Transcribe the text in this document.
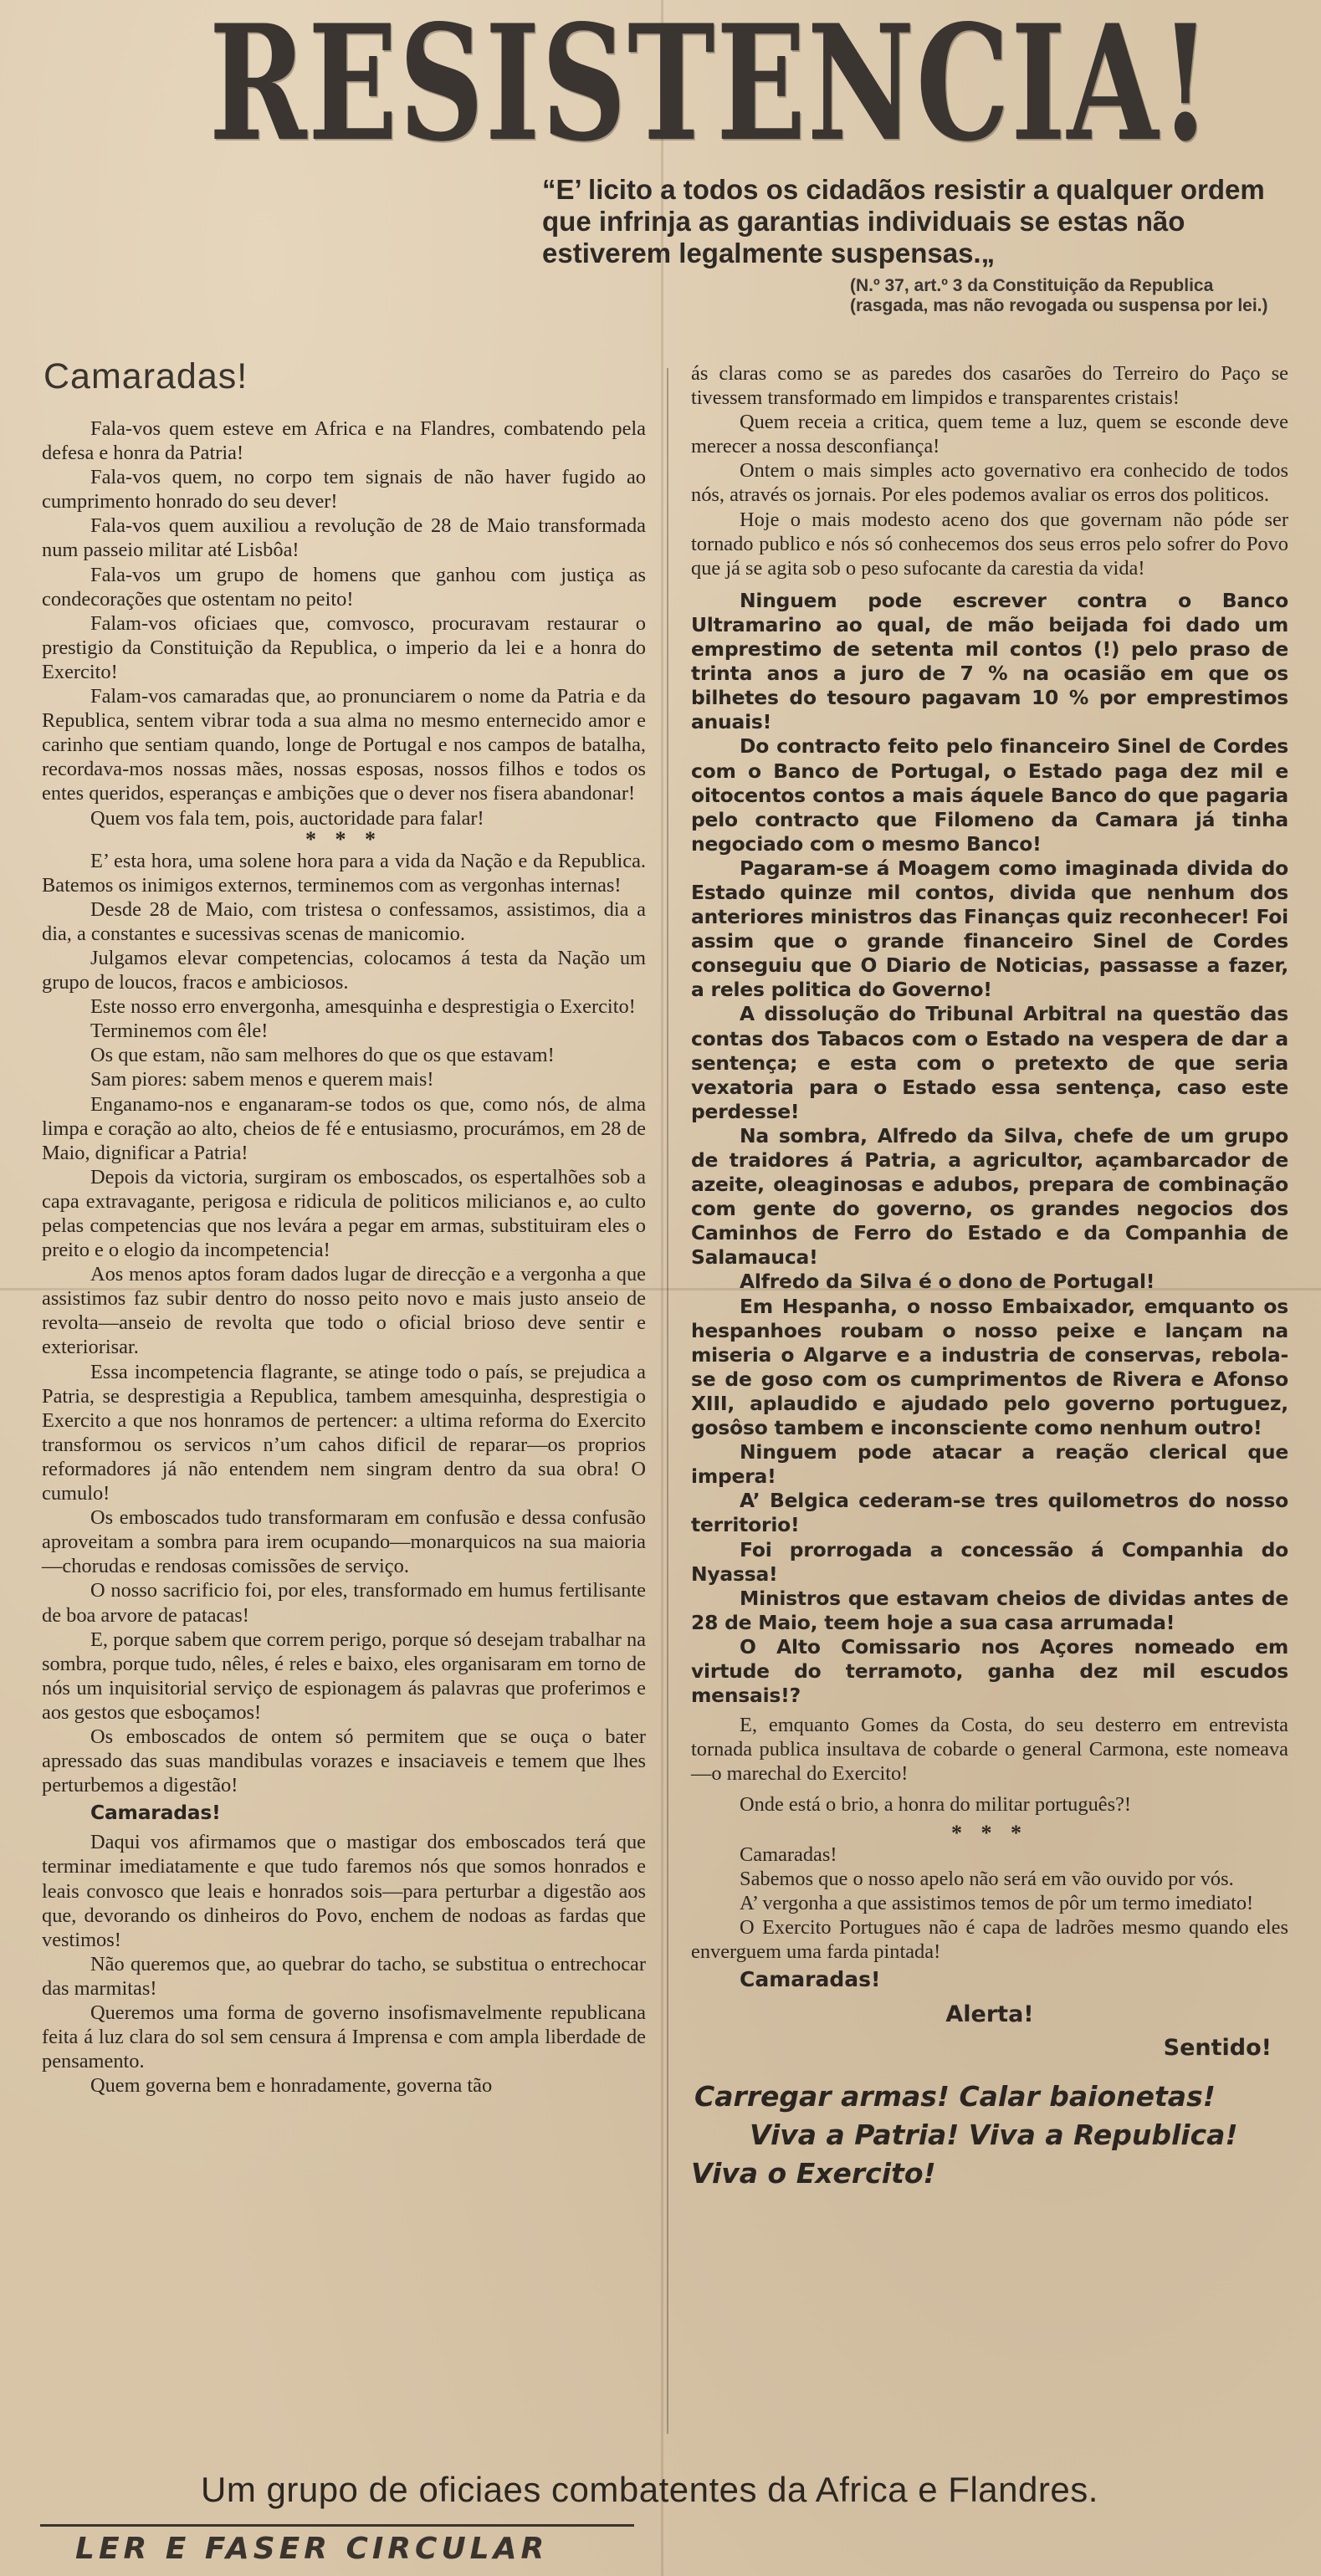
RESISTENCIA!
“E’ licito a todos os cidadãos resistir a qualquer ordem que infrinja as garantias individuais se estas não estiverem legalmente suspensas.„
(N.º 37, art.º 3 da Constituição da Republica (rasgada, mas não revogada ou suspensa por lei.)
Camaradas!

Fala-vos quem esteve em Africa e na Flandres, combatendo pela defesa e honra da Patria!

Fala-vos quem, no corpo tem signais de não haver fugido ao cumprimento honrado do seu dever!

Fala-vos quem auxiliou a revolução de 28 de Maio transformada num passeio militar até Lisbôa!

Fala-vos um grupo de homens que ganhou com justiça as condecorações que ostentam no peito!

Falam-vos oficiaes que, comvosco, procuravam restaurar o prestigio da Constituição da Republica, o imperio da lei e a honra do Exercito!

Falam-vos camaradas que, ao pronunciarem o nome da Patria e da Republica, sentem vibrar toda a sua alma no mesmo enternecido amor e carinho que sentiam quando, longe de Portugal e nos campos de batalha, recordava-mos nossas mães, nossas esposas, nossos filhos e todos os entes queridos, esperanças e ambições que o dever nos fisera abandonar!

Quem vos fala tem, pois, auctoridade para falar!

* * *

E’ esta hora, uma solene hora para a vida da Nação e da Republica. Batemos os inimigos externos, terminemos com as vergonhas internas!

Desde 28 de Maio, com tristesa o confessamos, assistimos, dia a dia, a constantes e sucessivas scenas de manicomio.

Julgamos elevar competencias, colocamos á testa da Nação um grupo de loucos, fracos e ambiciosos.

Este nosso erro envergonha, amesquinha e desprestigia o Exercito!

Terminemos com êle!

Os que estam, não sam melhores do que os que estavam!

Sam piores: sabem menos e querem mais!

Enganamo-nos e enganaram-se todos os que, como nós, de alma limpa e coração ao alto, cheios de fé e entusiasmo, procurámos, em 28 de Maio, dignificar a Patria!

Depois da victoria, surgiram os emboscados, os espertalhões sob a capa extravagante, perigosa e ridicula de politicos milicianos e, ao culto pelas competencias que nos levára a pegar em armas, substituiram eles o preito e o elogio da incompetencia!

Aos menos aptos foram dados lugar de direcção e a vergonha a que assistimos faz subir dentro do nosso peito novo e mais justo anseio de revolta—anseio de revolta que todo o oficial brioso deve sentir e exteriorisar.

Essa incompetencia flagrante, se atinge todo o país, se prejudica a Patria, se desprestigia a Republica, tambem amesquinha, desprestigia o Exercito a que nos honramos de pertencer: a ultima reforma do Exercito transformou os servicos n’um cahos dificil de reparar—os proprios reformadores já não entendem nem singram dentro da sua obra! O cumulo!

Os emboscados tudo transformaram em confusão e dessa confusão aproveitam a sombra para irem ocupando—monarquicos na sua maioria—chorudas e rendosas comissões de serviço.

O nosso sacrificio foi, por eles, transformado em humus fertilisante de boa arvore de patacas!

E, porque sabem que correm perigo, porque só desejam trabalhar na sombra, porque tudo, nêles, é reles e baixo, eles organisaram em torno de nós um inquisitorial serviço de espionagem ás palavras que proferimos e aos gestos que esboçamos!

Os emboscados de ontem só permitem que se ouça o bater apressado das suas mandibulas vorazes e insaciaveis e temem que lhes perturbemos a digestão!

Camaradas!

Daqui vos afirmamos que o mastigar dos emboscados terá que terminar imediatamente e que tudo faremos nós que somos honrados e leais convosco que leais e honrados sois—para perturbar a digestão aos que, devorando os dinheiros do Povo, enchem de nodoas as fardas que vestimos!

Não queremos que, ao quebrar do tacho, se substitua o entrechocar das marmitas!

Queremos uma forma de governo insofismavelmente republicana feita á luz clara do sol sem censura á Imprensa e com ampla liberdade de pensamento.

Quem governa bem e honradamente, governa tão

ás claras como se as paredes dos casarões do Terreiro do Paço se tivessem transformado em limpidos e transparentes cristais!

Quem receia a critica, quem teme a luz, quem se esconde deve merecer a nossa desconfiança!

Ontem o mais simples acto governativo era conhecido de todos nós, através os jornais. Por eles podemos avaliar os erros dos politicos.

Hoje o mais modesto aceno dos que governam não póde ser tornado publico e nós só conhecemos dos seus erros pelo sofrer do Povo que já se agita sob o peso sufocante da carestia da vida!

Ninguem pode escrever contra o Banco Ultramarino ao qual, de mão beijada foi dado um emprestimo de setenta mil contos (!) pelo praso de trinta anos a juro de 7 % na ocasião em que os bilhetes do tesouro pagavam 10 % por emprestimos anuais!

Do contracto feito pelo financeiro Sinel de Cordes com o Banco de Portugal, o Estado paga dez mil e oitocentos contos a mais áquele Banco do que pagaria pelo contracto que Filomeno da Camara já tinha negociado com o mesmo Banco!

Pagaram-se á Moagem como imaginada divida do Estado quinze mil contos, divida que nenhum dos anteriores ministros das Finanças quiz reconhecer! Foi assim que o grande financeiro Sinel de Cordes conseguiu que O Diario de Noticias, passasse a fazer, a reles politica do Governo!

A dissolução do Tribunal Arbitral na questão das contas dos Tabacos com o Estado na vespera de dar a sentença; e esta com o pretexto de que seria vexatoria para o Estado essa sentença, caso este perdesse!

Na sombra, Alfredo da Silva, chefe de um grupo de traidores á Patria, a agricultor, açambarcador de azeite, oleaginosas e adubos, prepara de combinação com gente do governo, os grandes negocios dos Caminhos de Ferro do Estado e da Companhia de Salamauca!

Alfredo da Silva é o dono de Portugal!

Em Hespanha, o nosso Embaixador, emquanto os hespanhoes roubam o nosso peixe e lançam na miseria o Algarve e a industria de conservas, rebola-se de goso com os cumprimentos de Rivera e Afonso XIII, aplaudido e ajudado pelo governo portuguez, gosôso tambem e inconsciente como nenhum outro!

Ninguem pode atacar a reação clerical que impera!

A’ Belgica cederam-se tres quilometros do nosso territorio!

Foi prorrogada a concessão á Companhia do Nyassa!

Ministros que estavam cheios de dividas antes de 28 de Maio, teem hoje a sua casa arrumada!

O Alto Comissario nos Açores nomeado em virtude do terramoto, ganha dez mil escudos mensais!?

E, emquanto Gomes da Costa, do seu desterro em entrevista tornada publica insultava de cobarde o general Carmona, este nomeava—o marechal do Exercito!

Onde está o brio, a honra do militar português?!

* * *

Camaradas!

Sabemos que o nosso apelo não será em vão ouvido por vós.

A’ vergonha a que assistimos temos de pôr um termo imediato!

O Exercito Portugues não é capa de ladrões mesmo quando eles enverguem uma farda pintada!

Camaradas!
Alerta!
Sentido!
Carregar armas! Calar baionetas!
Viva a Patria! Viva a Republica!
Viva o Exercito!
Um grupo de oficiaes combatentes da Africa e Flandres.
LER E FASER CIRCULAR
